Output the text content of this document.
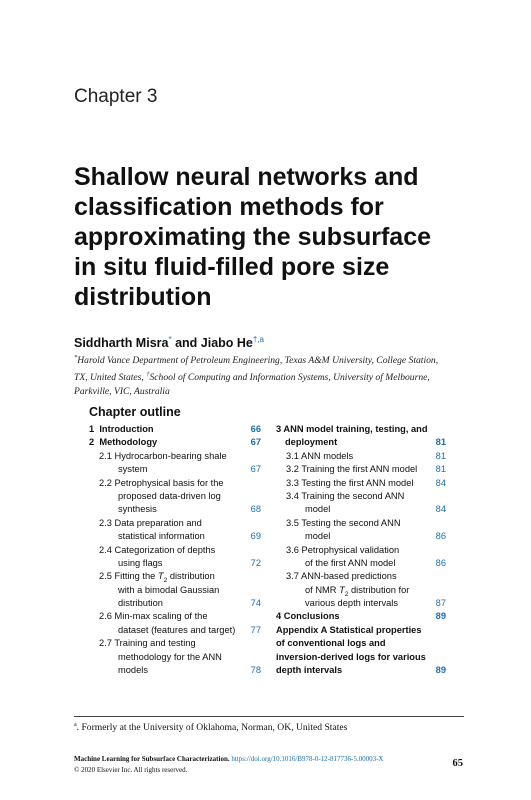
Chapter 3
Shallow neural networks and
classification methods for
approximating the subsurface
in situ fluid-filled pore size
distribution
Siddharth Misra* and Jiabo $He^{\dagger,a}$
*Harold Vance Department of Petroleum Engineering, Texas A&M University, College Station,
TX, United States, †School of Computing and Information Systems, University of Melbourne,
Parkville, VIC, Australia
Chapter outline
1 Introduction	66
2 Methodology	67
2.1 Hydrocarbon-bearing shale
system	67
2.2 Petrophysical basis for the
proposed data-driven log
synthesis	68
2.3 Data preparation and
statistical information	69
2.4 Categorization of depths
using flags	72
2.5 Fitting the $T_2$ distribution
with a bimodal Gaussian
distribution	74
2.6 Min-max scaling of the
dataset (features and target) 77
2.7 Training and testing
methodology for the ANN
models	78
3 ANN model training, testing, and
deployment	81
3.1 ANN models	81
3.2 Training the first ANN model 81
3.3 Testing the first ANN model 84
3.4 Training the second ANN
model	84
3.5 Testing the second ANN
model	86
3.6 Petrophysical validation
of the first ANN model	86
3.7 ANN-based predictions
of NMR $T_2$ distribution for
various depth intervals	87
4 Conclusions	89
Appendix A Statistical properties
of conventional logs and
inversion-derived logs for various
depth intervals	89
$^a$. Formerly at the University of Oklahoma, Norman, OK, United States
Machine Learning for Subsurface Characterization. https://doi.org/10.1016/B978-0-12-817736-5.00003-X
© 2020 Elsevier Inc. All rights reserved.
65
